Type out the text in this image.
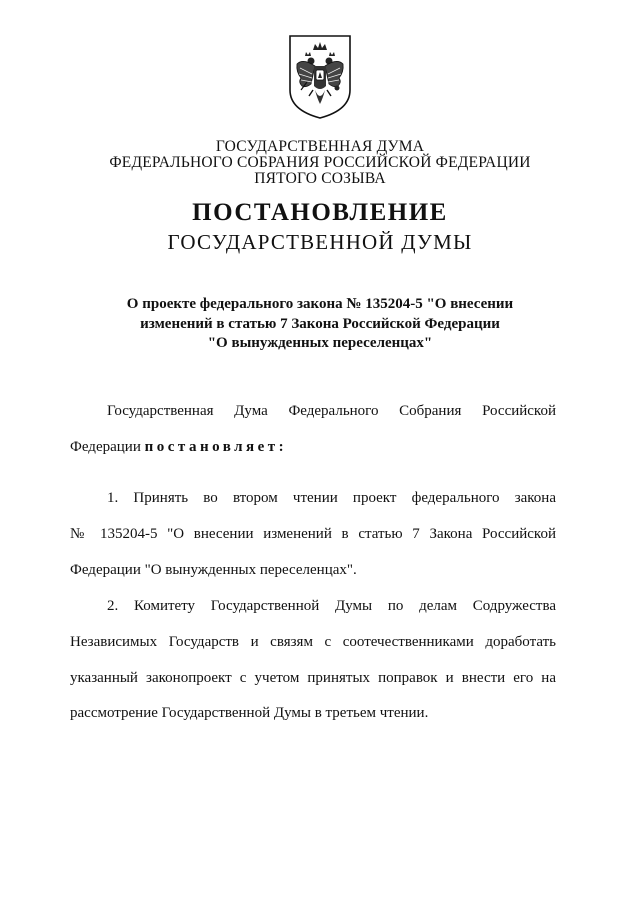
ГОСУДАРСТВЕННАЯ ДУМА
ФЕДЕРАЛЬНОГО СОБРАНИЯ РОССИЙСКОЙ ФЕДЕРАЦИИ
ПЯТОГО СОЗЫВА
ПОСТАНОВЛЕНИЕ
ГОСУДАРСТВЕННОЙ ДУМЫ
О проекте федерального закона № 135204-5 "О внесении
изменений в статью 7 Закона Российской Федерации
"О вынужденных переселенцах"
Государственная Дума Федерального Собрания Российской
Федерации постановляет:
1. Принять во втором чтении проект федерального закона
№ 135204-5 "О внесении изменений в статью 7 Закона Российской
Федерации "О вынужденных переселенцах".
2. Комитету Государственной Думы по делам Содружества
Независимых Государств и связям с соотечественниками доработать
указанный законопроект с учетом принятых поправок и внести его на
рассмотрение Государственной Думы в третьем чтении.
